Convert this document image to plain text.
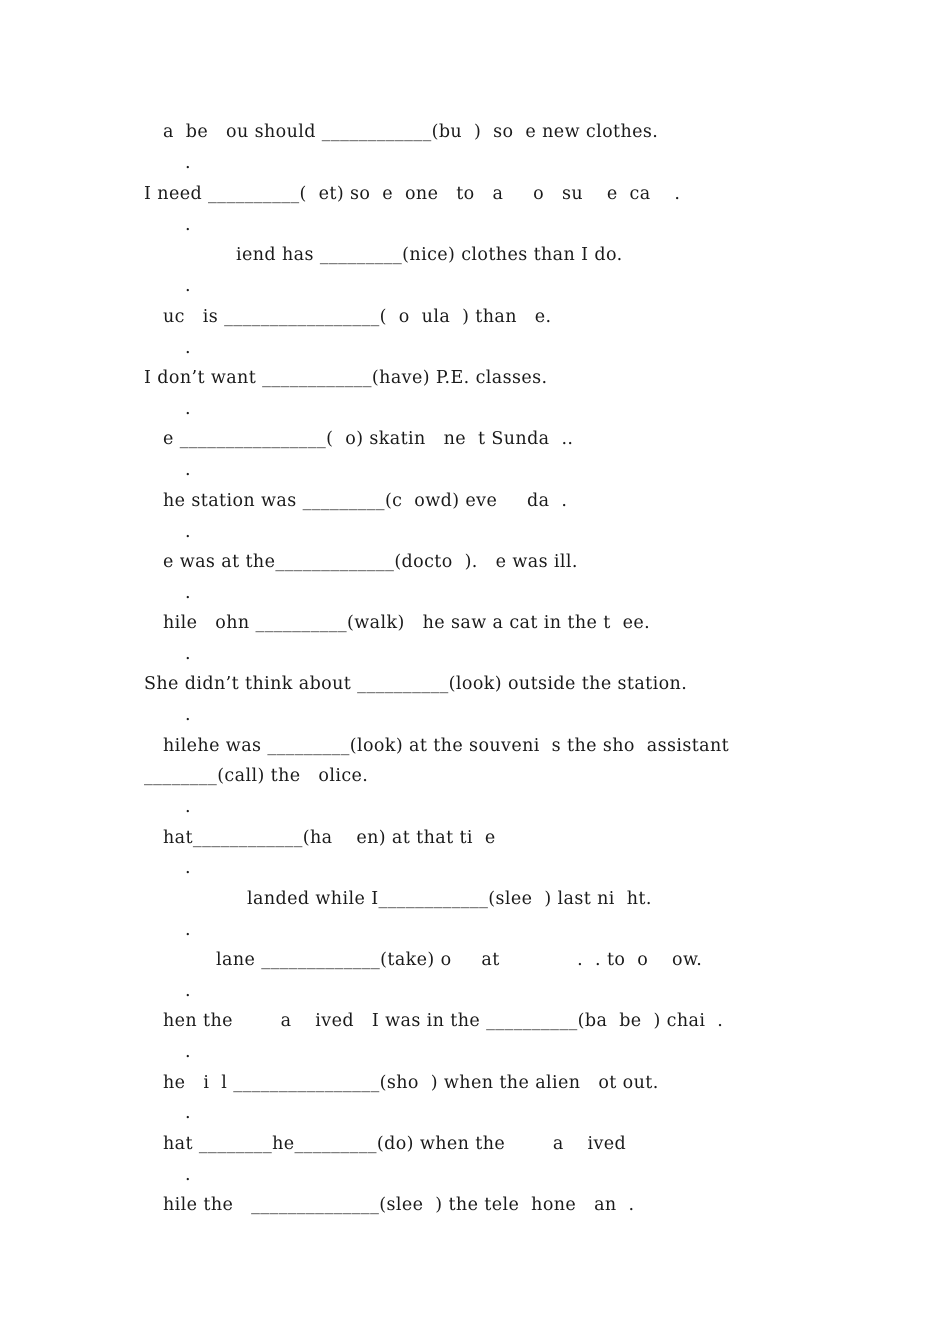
a  be   ou should ____________(bu  )  so  e new clothes.
.
I need __________(  et) so  e  one   to   a     o   su    e  ca    .
.
iend has _________(nice) clothes than I do.
.
uc   is _________________(  o  ula  ) than   e.
.
I don’t want ____________(have) P.E. classes.
.
e ________________(  o) skatin   ne  t Sunda  ..
.
he station was _________(c  owd) eve     da  .
.
e was at the_____________(docto  ).   e was ill.
.
hile   ohn __________(walk)   he saw a cat in the t  ee.
.
She didn’t think about __________(look) outside the station.
.
hilehe was _________(look) at the souveni  s the sho  assistant
________(call) the   olice.
.
hat____________(ha    en) at that ti  e
.
landed while I____________(slee  ) last ni  ht.
.
lane _____________(take) o     at             .  . to  o    ow.
.
hen the        a    ived   I was in the __________(ba  be  ) chai  .
.
he   i  l ________________(sho  ) when the alien   ot out.
.
hat ________he_________(do) when the        a    ived
.
hile the   ______________(slee  ) the tele  hone   an  .
